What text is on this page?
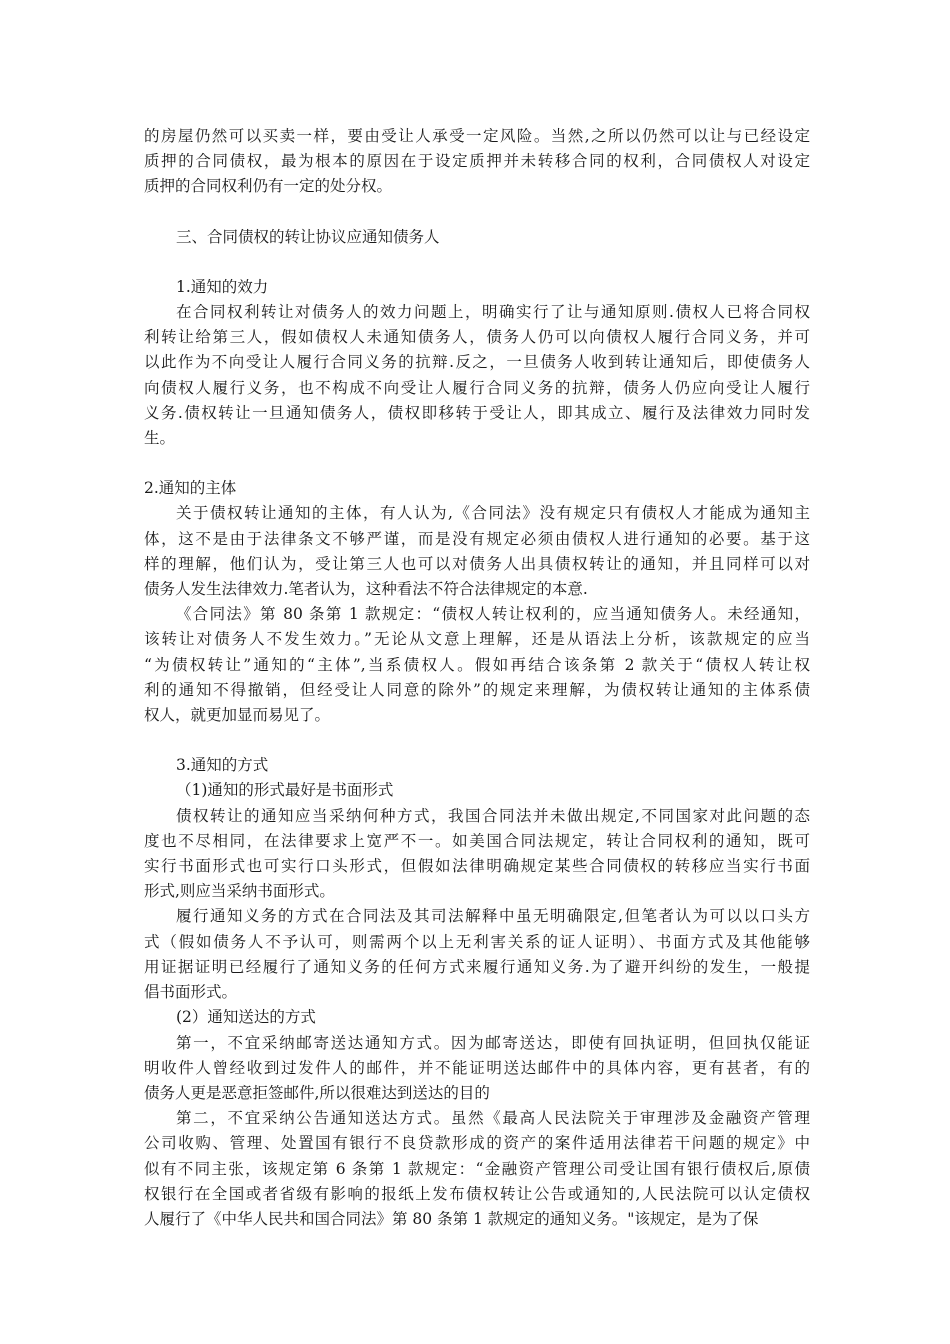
的房屋仍然可以买卖一样，要由受让人承受一定风险。当然,之所以仍然可以让与已经设定
质押的合同债权，最为根本的原因在于设定质押并未转移合同的权利，合同债权人对设定
质押的合同权利仍有一定的处分权。
三、合同债权的转让协议应通知债务人
1.通知的效力
在合同权利转让对债务人的效力问题上，明确实行了让与通知原则.债权人已将合同权
利转让给第三人，假如债权人未通知债务人，债务人仍可以向债权人履行合同义务，并可
以此作为不向受让人履行合同义务的抗辩.反之，一旦债务人收到转让通知后，即使债务人
向债权人履行义务，也不构成不向受让人履行合同义务的抗辩，债务人仍应向受让人履行
义务.债权转让一旦通知债务人，债权即移转于受让人，即其成立、履行及法律效力同时发
生。
2.通知的主体
关于债权转让通知的主体，有人认为,《合同法》没有规定只有债权人才能成为通知主
体，这不是由于法律条文不够严谨，而是没有规定必须由债权人进行通知的必要。基于这
样的理解，他们认为，受让第三人也可以对债务人出具债权转让的通知，并且同样可以对
债务人发生法律效力.笔者认为，这种看法不符合法律规定的本意.
《合同法》第 80 条第 1 款规定：“债权人转让权利的，应当通知债务人。未经通知，
该转让对债务人不发生效力。”无论从文意上理解，还是从语法上分析，该款规定的应当
“为债权转让”通知的“主体”,当系债权人。假如再结合该条第 2 款关于“债权人转让权
利的通知不得撤销，但经受让人同意的除外”的规定来理解，为债权转让通知的主体系债
权人，就更加显而易见了。
3.通知的方式
（1)通知的形式最好是书面形式
债权转让的通知应当采纳何种方式，我国合同法并未做出规定,不同国家对此问题的态
度也不尽相同，在法律要求上宽严不一。如美国合同法规定，转让合同权利的通知，既可
实行书面形式也可实行口头形式，但假如法律明确规定某些合同债权的转移应当实行书面
形式,则应当采纳书面形式。
履行通知义务的方式在合同法及其司法解释中虽无明确限定,但笔者认为可以以口头方
式（假如债务人不予认可，则需两个以上无利害关系的证人证明）、书面方式及其他能够
用证据证明已经履行了通知义务的任何方式来履行通知义务.为了避开纠纷的发生，一般提
倡书面形式。
(2）通知送达的方式
第一，不宜采纳邮寄送达通知方式。因为邮寄送达，即使有回执证明，但回执仅能证
明收件人曾经收到过发件人的邮件，并不能证明送达邮件中的具体内容，更有甚者，有的
债务人更是恶意拒签邮件,所以很难达到送达的目的
第二，不宜采纳公告通知送达方式。虽然《最高人民法院关于审理涉及金融资产管理
公司收购、管理、处置国有银行不良贷款形成的资产的案件适用法律若干问题的规定》中
似有不同主张，该规定第 6 条第 1 款规定：“金融资产管理公司受让国有银行债权后,原债
权银行在全国或者省级有影响的报纸上发布债权转让公告或通知的,人民法院可以认定债权
人履行了《中华人民共和国合同法》第 80 条第 1 款规定的通知义务。"该规定，是为了保
